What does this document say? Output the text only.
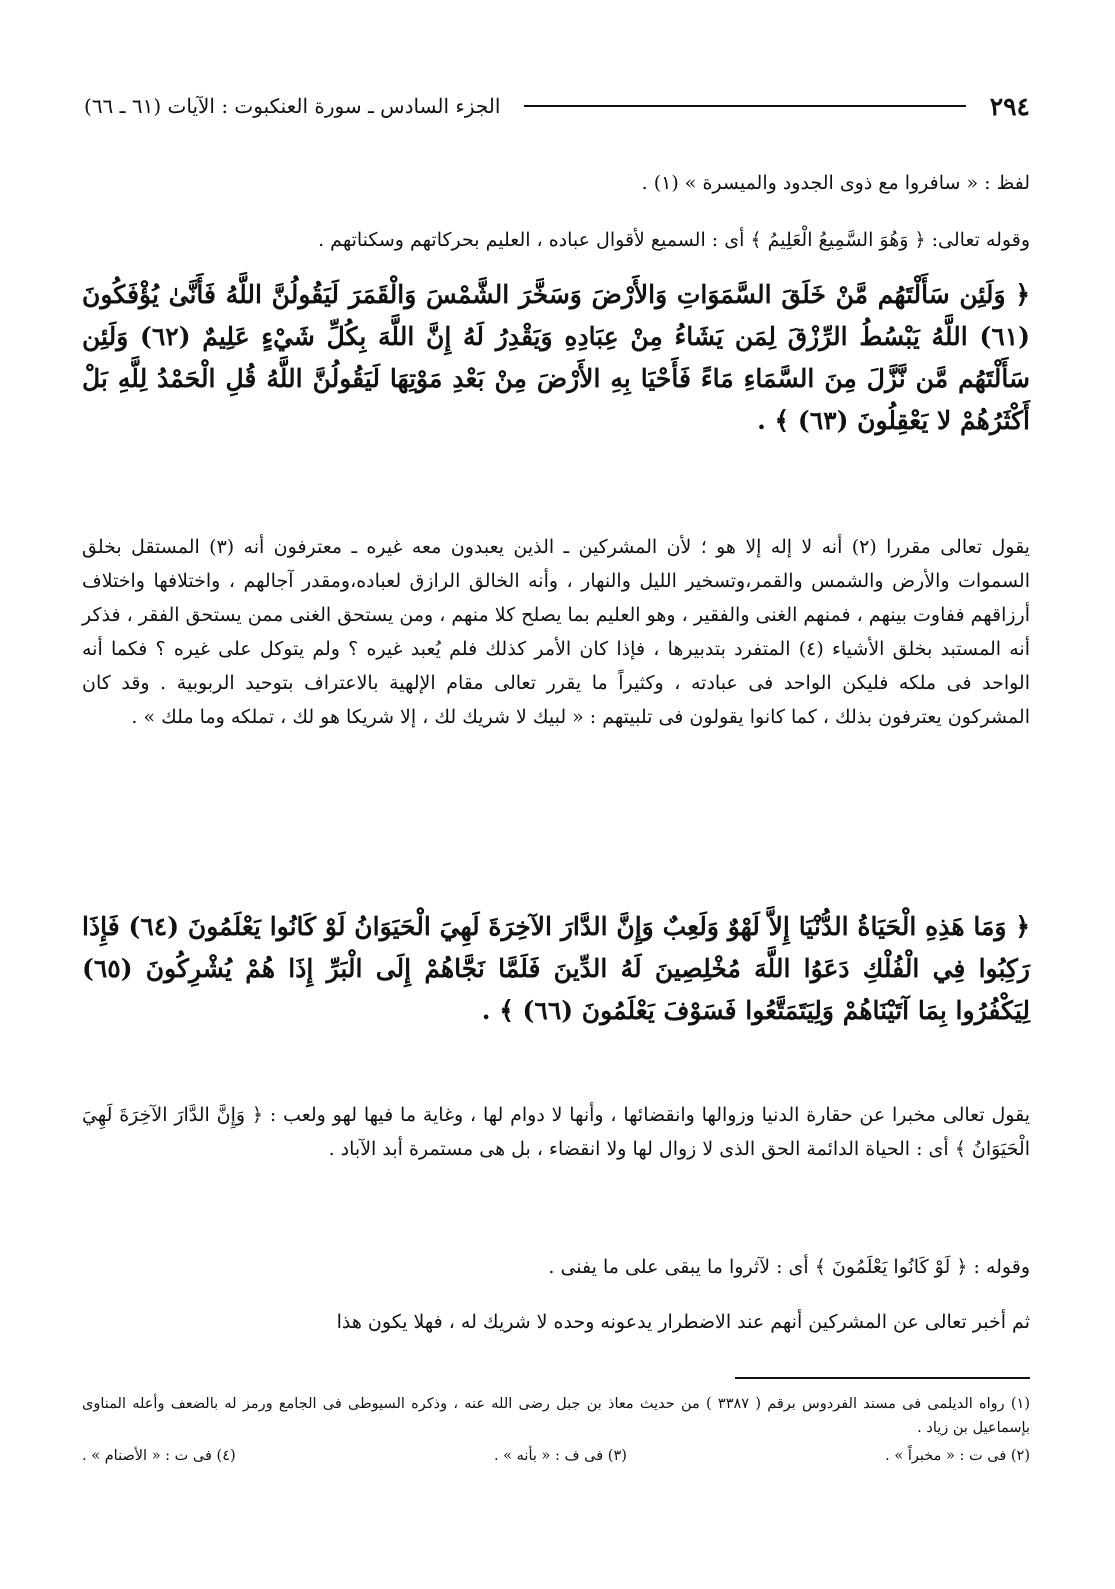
٢٩٤
الجزء السادس ـ سورة العنكبوت : الآيات (٦١ ـ ٦٦)

لفظ : « سافروا مع ذوى الجدود والميسرة » (١) .

وقوله تعالى: ﴿ وَهُوَ السَّمِيعُ الْعَلِيمُ ﴾ أى : السميع لأقوال عباده ، العليم بحركاتهم وسكناتهم .

﴿ وَلَئِن سَأَلْتَهُم مَّنْ خَلَقَ السَّمَوَاتِ وَالأَرْضَ وَسَخَّرَ الشَّمْسَ وَالْقَمَرَ لَيَقُولُنَّ اللَّهُ فَأَنَّىٰ يُؤْفَكُونَ (٦١) اللَّهُ يَبْسُطُ الرِّزْقَ لِمَن يَشَاءُ مِنْ عِبَادِهِ وَيَقْدِرُ لَهُ إِنَّ اللَّهَ بِكُلِّ شَيْءٍ عَلِيمٌ (٦٢) وَلَئِن سَأَلْتَهُم مَّن نَّزَّلَ مِنَ السَّمَاءِ مَاءً فَأَحْيَا بِهِ الأَرْضَ مِنْ بَعْدِ مَوْتِهَا لَيَقُولُنَّ اللَّهُ قُلِ الْحَمْدُ لِلَّهِ بَلْ أَكْثَرُهُمْ لا يَعْقِلُونَ (٦٣) ﴾ .

يقول تعالى مقررا (٢) أنه لا إله إلا هو ؛ لأن المشركين ـ الذين يعبدون معه غيره ـ معترفون أنه (٣) المستقل بخلق السموات والأرض والشمس والقمر،وتسخير الليل والنهار ، وأنه الخالق الرازق لعباده،ومقدر آجالهم ، واختلافها واختلاف أرزاقهم ففاوت بينهم ، فمنهم الغنى والفقير ، وهو العليم بما يصلح كلا منهم ، ومن يستحق الغنى ممن يستحق الفقر ، فذكر أنه المستبد بخلق الأشياء (٤) المتفرد بتدبيرها ، فإذا كان الأمر كذلك فلم يُعبد غيره ؟ ولم يتوكل على غيره ؟ فكما أنه الواحد فى ملكه فليكن الواحد فى عبادته ، وكثيراً ما يقرر تعالى مقام الإلهية بالاعتراف بتوحيد الربوبية . وقد كان المشركون يعترفون بذلك ، كما كانوا يقولون فى تلبيتهم : « لبيك لا شريك لك ، إلا شريكا هو لك ، تملكه وما ملك » .

﴿ وَمَا هَذِهِ الْحَيَاةُ الدُّنْيَا إِلاَّ لَهْوٌ وَلَعِبٌ وَإِنَّ الدَّارَ الآخِرَةَ لَهِيَ الْحَيَوَانُ لَوْ كَانُوا يَعْلَمُونَ (٦٤) فَإِذَا رَكِبُوا فِي الْفُلْكِ دَعَوُا اللَّهَ مُخْلِصِينَ لَهُ الدِّينَ فَلَمَّا نَجَّاهُمْ إِلَى الْبَرِّ إِذَا هُمْ يُشْرِكُونَ (٦٥) لِيَكْفُرُوا بِمَا آتَيْنَاهُمْ وَلِيَتَمَتَّعُوا فَسَوْفَ يَعْلَمُونَ (٦٦) ﴾ .

يقول تعالى مخبرا عن حقارة الدنيا وزوالها وانقضائها ، وأنها لا دوام لها ، وغاية ما فيها لهو ولعب : ﴿ وَإِنَّ الدَّارَ الآخِرَةَ لَهِيَ الْحَيَوَانُ ﴾ أى : الحياة الدائمة الحق الذى لا زوال لها ولا انقضاء ، بل هى مستمرة أبد الآباد .

وقوله : ﴿ لَوْ كَانُوا يَعْلَمُونَ ﴾ أى : لآثروا ما يبقى على ما يفنى .

ثم أخبر تعالى عن المشركين أنهم عند الاضطرار يدعونه وحده لا شريك له ، فهلا يكون هذا

(١) رواه الديلمى فى مسند الفردوس برقم ( ٣٣٨٧ ) من حديث معاذ بن جبل رضى الله عنه ، وذكره السيوطى فى الجامع ورمز له بالضعف وأعله المناوى بإسماعيل بن زياد .

(٢) فى ت : « مخبراً » .
(٣) فى ف : « بأنه » .
(٤) فى ت : « الأصنام » .
